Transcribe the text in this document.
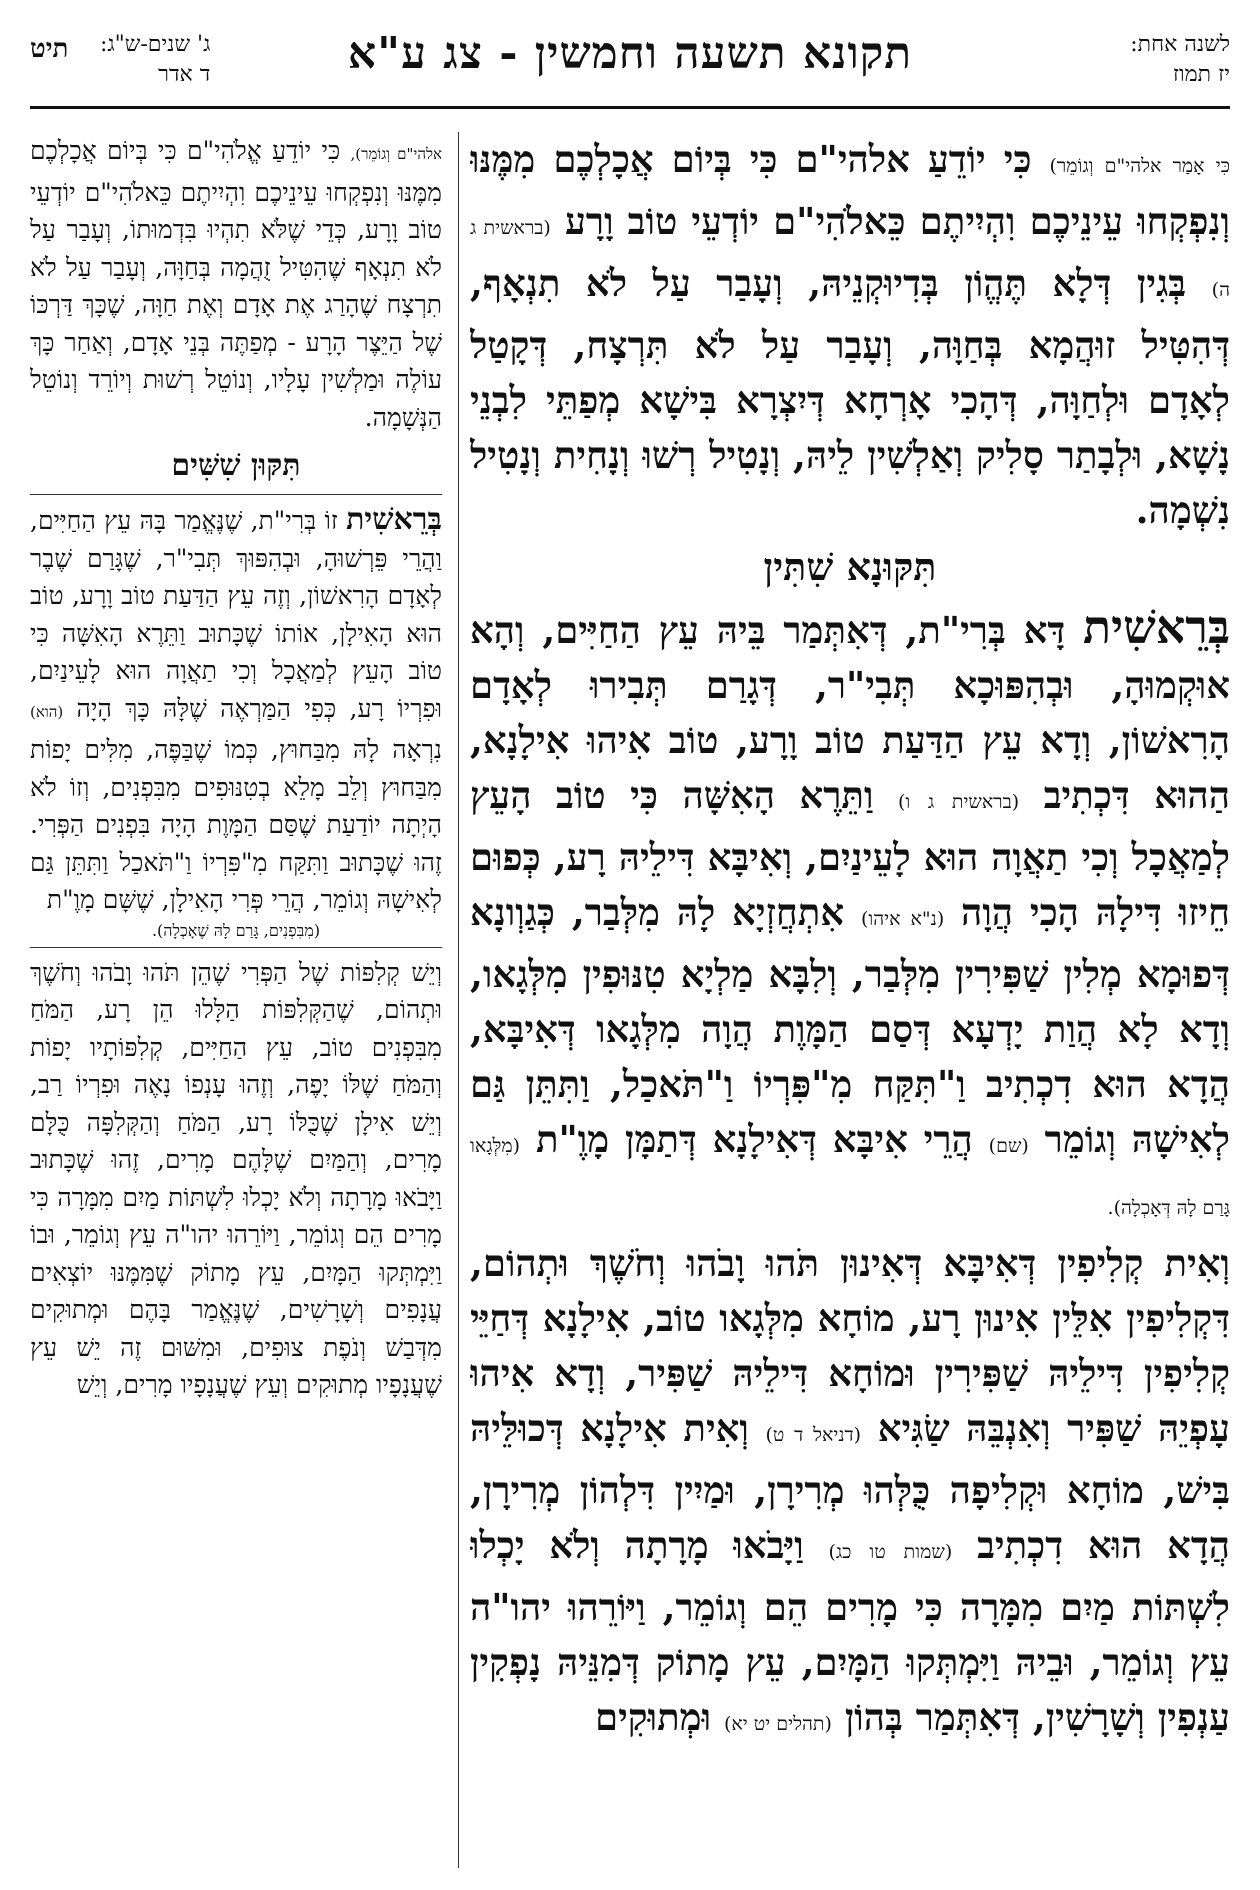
לשנה אחת:
יז תמוז
תקונא תשעה וחמשין - צג ע"א
ג' שנים-ש"ג:
ד אדר
תיט

כִּי אָמַר אלהי"ם וְגוֹמֵר) כִּי יוֹדֵעַ אלהי"ם כִּי בְּיוֹם אֲכָלְכֶם מִמֶּנּוּ וְנִפְקְחוּ עֵינֵיכֶם וִהְיִיתֶם כֵּאלֹהִי"ם יוֹדְעֵי טוֹב וָרָע (בראשית ג ה) בְּגִין דְּלָא תֶּהֱוֹן בְּדִיוּקְנֵיהּ, וְעָבַר עַל לֹא תִנְאָף, דְּהִטִּיל זוּהֲמָא בְּחַוָּה, וְעָבַר עַל לֹא תִּרְצָח, דְּקָטַל לְאָדָם וּלְחַוָּה, דְּהָכִי אָרְחָא דְּיִצְרָא בִּישָׁא מְפַתֵּי לִבְנֵי נָשָׁא, וּלְבָתַר סָלִיק וְאַלְשִׁין לֵיהּ, וְנָטִיל רְשׁוּ וְנָחִית וְנָטִיל נִשְׁמָה.

תִּקּוּנָא שִׁתִּין

בְּרֵאשִׁית דָּא בְּרִי"ת, דְּאִתְּמַר בֵּיהּ עֵץ הַחַיִּים, וְהָא אוּקְמוּהָ, וּבְהִפּוּכָא תְּבִי"ר, דְּגָרַם תְּבִירוּ לְאָדָם הָרִאשׁוֹן, וְדָא עֵץ הַדַּעַת טוֹב וָרָע, טוֹב אִיהוּ אִילָנָא, הַהוּא דִּכְתִיב (בראשית ג ו) וַתֵּרֶא הָאִשָּׁה כִּי טוֹב הָעֵץ לְמַאֲכָל וְכִי תַאֲוָה הוּא לָעֵינַיִם, וְאִיבָּא דִּילֵיהּ רָע, כְּפוּם חֵיזוּ דִּילָהּ הָכִי הֲוָה (נ"א איהו) אִתְחֲזְיָא לָהּ מִלְּבַר, כְּגַוְונָא דְּפוּמָא מְלִין שַׁפִּירִין מִלְּבַר, וְלִבָּא מַלְיָא טִנּוּפִין מִלְּגָאו, וְדָא לָא הֲוַת יָדְעָא דְּסַם הַמָּוֶת הֲוָה מִלְּגָאו דְּאִיבָּא, הֲדָא הוּא דִכְתִיב וַ"תִּקַּח מִ"פִּרְיוֹ וַ"תֹּאכַל, וַתִּתֵּן גַּם לְאִישָׁהּ וְגוֹמֵר (שם) הֲרֵי אִיבָּא דְּאִילָנָא דְּתַמָּן מָוֶ"ת (מִלְּגָאו גָּרַם לָהּ דְּאָכְלָה).

וְאִית קְלִיפִין דְּאִיבָּא דְּאִינוּן תֹּהוּ וָבֹהוּ וְחֹשֶׁךְ וּתְהוֹם, דִּקְלִיפִין אִלֵּין אִינוּן רָע, מוֹחָא מִלְּגָאו טוֹב, אִילָנָא דְּחַיֵּי קְלִיפִין דִּילֵיהּ שַׁפִּירִין וּמוֹחָא דִּילֵיהּ שַׁפִּיר, וְדָא אִיהוּ עָפְיֵהּ שַׁפִּיר וְאִנְבֵּהּ שַׂגִּיא (דניאל ד ט) וְאִית אִילָנָא דְּכוּלֵּיהּ בִּישׁ, מוֹחָא וּקְלִיפָה כֻּלְּהוּ מְרִירָן, וּמַיִין דִּלְהוֹן מְרִירָן, הֲדָא הוּא דִכְתִיב (שמות טו כג) וַיָּבֹאוּ מָרָתָה וְלֹא יָכְלוּ לִשְׁתּוֹת מַיִם מִמָּרָה כִּי מָרִים הֵם וְגוֹמֵר, וַיּוֹרֵהוּ יהו"ה עֵץ וְגוֹמֵר, וּבֵיהּ וַיִּמְתְּקוּ הַמָּיִם, עֵץ מָתוֹק דְּמִנֵּיהּ נָפְקִין עַנְפִין וְשָׁרָשִׁין, דְּאִתְּמַר בְּהוֹן (תהלים יט יא) וּמְתוּקִים

אלהי"ם וְגוֹמֵר), כִּי יוֹדֵעַ אֱלֹהִי"ם כִּי בְּיוֹם אֲכָלְכֶם מִמֶּנּוּ וְנִפְקְחוּ עֵינֵיכֶם וִהְיִיתֶם כֵּאלֹהִי"ם יוֹדְעֵי טוֹב וָרָע, כְּדֵי שֶׁלֹּא תִהְיוּ בִּדְמוּתוֹ, וְעָבַר עַל לֹא תִנְאָף שֶׁהִטִּיל זֻהֲמָה בְּחַוָּה, וְעָבַר עַל לֹא תִרְצָח שֶׁהָרַג אֶת אָדָם וְאֶת חַוָּה, שֶׁכָּךְ דַּרְכּוֹ שֶׁל הַיֵּצֶר הָרָע - מְפַתֶּה בְּנֵי אָדָם, וְאַחַר כָּךְ עוֹלֶה וּמַלְשִׁין עָלָיו, וְנוֹטֵל רְשׁוּת וְיוֹרֵד וְנוֹטֵל הַנְּשָׁמָה.

תִּקּוּן שִׁשִּׁים

בְּרֵאשִׁית זוֹ בְּרִי"ת, שֶׁנֶּאֱמַר בָּהּ עֵץ הַחַיִּים, וַהֲרֵי פֵּרְשׁוּהָ, וּבְהִפּוּךְ תְּבִי"ר, שֶׁגָּרַם שֶׁבֶר לְאָדָם הָרִאשׁוֹן, וְזֶה עֵץ הַדַּעַת טוֹב וָרָע, טוֹב הוּא הָאִילָן, אוֹתוֹ שֶׁכָּתוּב וַתֵּרֶא הָאִשָּׁה כִּי טוֹב הָעֵץ לְמַאֲכָל וְכִי תַאֲוָה הוּא לָעֵינַיִם, וּפִרְיוֹ רָע, כְּפִי הַמַּרְאֶה שֶׁלָּהּ כָּךְ הָיָה (הוא) נִרְאָה לָהּ מִבַּחוּץ, כְּמוֹ שֶׁבַּפֶּה, מִלִּים יָפוֹת מִבַּחוּץ וְלֵב מָלֵא בְטִנּוּפִים מִבִּפְנִים, וְזוֹ לֹא הָיְתָה יוֹדַעַת שֶׁסַּם הַמָּוֶת הָיָה בִּפְנִים הַפְּרִי. זֶהוּ שֶׁכָּתוּב וַתִּקַּח מִ"פִּרְיוֹ וַ"תֹּאכַל וַתִּתֵּן גַּם לְאִישָׁהּ וְגוֹמֵר, הֲרֵי פְּרִי הָאִילָן, שֶׁשָּׁם מָוֶ"ת

(מִבִּפְנִים, גָּרַם לָהּ שֶׁאָכְלָה).

וְיֵשׁ קְלִפּוֹת שֶׁל הַפְּרִי שֶׁהֵן תֹּהוּ וָבֹהוּ וְחֹשֶׁךְ וּתְהוֹם, שֶׁהַקְּלִפּוֹת הַלָּלוּ הֵן רָע, הַמֹּחַ מִבִּפְנִים טוֹב, עֵץ הַחַיִּים, קְלִפּוֹתָיו יָפוֹת וְהַמֹּחַ שֶׁלּוֹ יָפֶה, וְזֶהוּ עָנְפוֹ נָאֶה וּפִרְיוֹ רַב, וְיֵשׁ אִילָן שֶׁכֻּלּוֹ רָע, הַמֹּחַ וְהַקְּלִפָּה כֻּלָּם מָרִים, וְהַמַּיִם שֶׁלָּהֶם מָרִים, זֶהוּ שֶׁכָּתוּב וַיָּבֹאוּ מָרָתָה וְלֹא יָכְלוּ לִשְׁתּוֹת מַיִם מִמָּרָה כִּי מָרִים הֵם וְגוֹמֵר, וַיּוֹרֵהוּ יהו"ה עֵץ וְגוֹמֵר, וּבוֹ וַיִּמְתְּקוּ הַמָּיִם, עֵץ מָתוֹק שֶׁמִּמֶּנּוּ יוֹצְאִים עֲנָפִים וְשָׁרָשִׁים, שֶׁנֶּאֱמַר בָּהֶם וּמְתוּקִים מִדְּבַשׁ וְנֹפֶת צוּפִים, וּמִשּׁוּם זֶה יֵשׁ עֵץ שֶׁעֲנָפָיו מְתוּקִים וְעֵץ שֶׁעֲנָפָיו מָרִים, וְיֵשׁ
